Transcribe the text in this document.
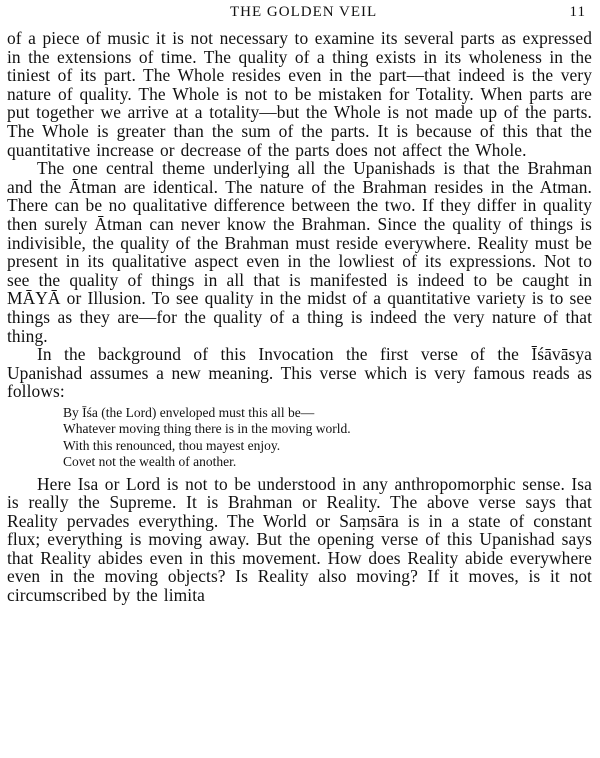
THE GOLDEN VEIL	11

of a piece of music it is not necessary to examine its several parts as expressed in the extensions of time. The quality of a thing exists in its wholeness in the tiniest of its part. The Whole resides even in the part—that indeed is the very nature of quality. The Whole is not to be mistaken for Totality. When parts are put together we arrive at a totality—but the Whole is not made up of the parts. The Whole is greater than the sum of the parts. It is because of this that the quantitative increase or decrease of the parts does not affect the Whole.

The one central theme underlying all the Upanishads is that the Brahman and the Ātman are identical. The nature of the Brahman resides in the Atman. There can be no qualitative difference between the two. If they differ in quality then surely Ātman can never know the Brahman. Since the quality of things is indivisible, the quality of the Brahman must reside everywhere. Reality must be present in its qualitative aspect even in the lowliest of its expressions. Not to see the quality of things in all that is manifested is indeed to be caught in MĀYĀ or Illusion. To see quality in the midst of a quantitative variety is to see things as they are—for the quality of a thing is indeed the very nature of that thing.

In the background of this Invocation the first verse of the Īśāvāsya Upanishad assumes a new meaning. This verse which is very famous reads as follows:

By Īśa (the Lord) enveloped must this all be—
Whatever moving thing there is in the moving world.
With this renounced, thou mayest enjoy.
Covet not the wealth of another.

Here Isa or Lord is not to be understood in any anthropomorphic sense. Isa is really the Supreme. It is Brahman or Reality. The above verse says that Reality pervades everything. The World or Saṃsāra is in a state of constant flux; everything is moving away. But the opening verse of this Upanishad says that Reality abides even in this movement. How does Reality abide everywhere even in the moving objects? Is Reality also moving? If it moves, is it not circumscribed by the limita
